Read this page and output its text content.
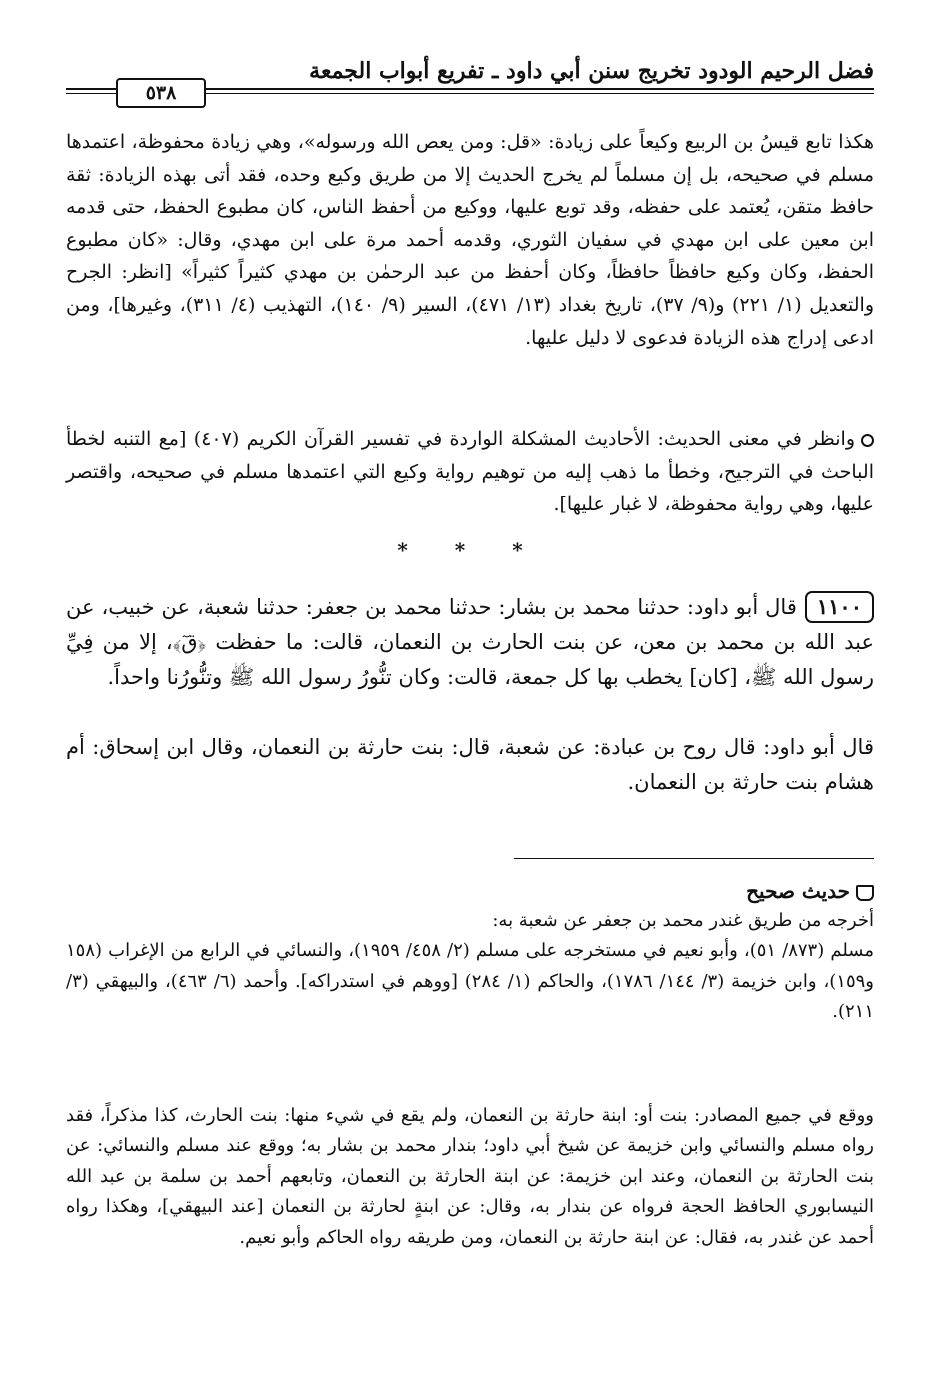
فضل الرحيم الودود تخريج سنن أبي داود ـ تفريع أبواب الجمعة
٥٣٨

هكذا تابع قيسُ بن الربيع وكيعاً على زيادة: «قل: ومن يعص الله ورسوله»، وهي زيادة محفوظة، اعتمدها مسلم في صحيحه، بل إن مسلماً لم يخرج الحديث إلا من طريق وكيع وحده، فقد أتى بهذه الزيادة: ثقة حافظ متقن، يُعتمد على حفظه، وقد توبع عليها، ووكيع من أحفظ الناس، كان مطبوع الحفظ، حتى قدمه ابن معين على ابن مهدي في سفيان الثوري، وقدمه أحمد مرة على ابن مهدي، وقال: «كان مطبوع الحفظ، وكان وكيع حافظاً حافظاً، وكان أحفظ من عبد الرحمٰن بن مهدي كثيراً كثيراً» [انظر: الجرح والتعديل (١/ ٢٢١) و(٩/ ٣٧)، تاريخ بغداد (١٣/ ٤٧١)، السير (٩/ ١٤٠)، التهذيب (٤/ ٣١١)، وغيرها]، ومن ادعى إدراج هذه الزيادة فدعوى لا دليل عليها.

وانظر في معنى الحديث: الأحاديث المشكلة الواردة في تفسير القرآن الكريم (٤٠٧) [مع التنبه لخطأ الباحث في الترجيح، وخطأ ما ذهب إليه من توهيم رواية وكيع التي اعتمدها مسلم في صحيحه، واقتصر عليها، وهي رواية محفوظة، لا غبار عليها].

* * *

١١٠٠قال أبو داود: حدثنا محمد بن بشار: حدثنا محمد بن جعفر: حدثنا شعبة، عن خبيب، عن عبد الله بن محمد بن معن، عن بنت الحارث بن النعمان، قالت: ما حفظت ﴿قٓ﴾، إلا من فِيِّ رسول الله ﷺ، [كان] يخطب بها كل جمعة، قالت: وكان تنُّورُ رسول الله ﷺ وتنُّورُنا واحداً.

قال أبو داود: قال روح بن عبادة: عن شعبة، قال: بنت حارثة بن النعمان، وقال ابن إسحاق: أم هشام بنت حارثة بن النعمان.

حديث صحيح

أخرجه من طريق غندر محمد بن جعفر عن شعبة به:

مسلم (٨٧٣/ ٥١)، وأبو نعيم في مستخرجه على مسلم (٢/ ٤٥٨/ ١٩٥٩)، والنسائي في الرابع من الإغراب (١٥٨ و١٥٩)، وابن خزيمة (٣/ ١٤٤/ ١٧٨٦)، والحاكم (١/ ٢٨٤) [ووهم في استدراكه]. وأحمد (٦/ ٤٦٣)، والبيهقي (٣/ ٢١١).

ووقع في جميع المصادر: بنت أو: ابنة حارثة بن النعمان، ولم يقع في شيء منها: بنت الحارث، كذا مذكراً، فقد رواه مسلم والنسائي وابن خزيمة عن شيخ أبي داود؛ بندار محمد بن بشار به؛ ووقع عند مسلم والنسائي: عن بنت الحارثة بن النعمان، وعند ابن خزيمة: عن ابنة الحارثة بن النعمان، وتابعهم أحمد بن سلمة بن عبد الله النيسابوري الحافظ الحجة فرواه عن بندار به، وقال: عن ابنةٍ لحارثة بن النعمان [عند البيهقي]، وهكذا رواه أحمد عن غندر به، فقال: عن ابنة حارثة بن النعمان، ومن طريقه رواه الحاكم وأبو نعيم.
